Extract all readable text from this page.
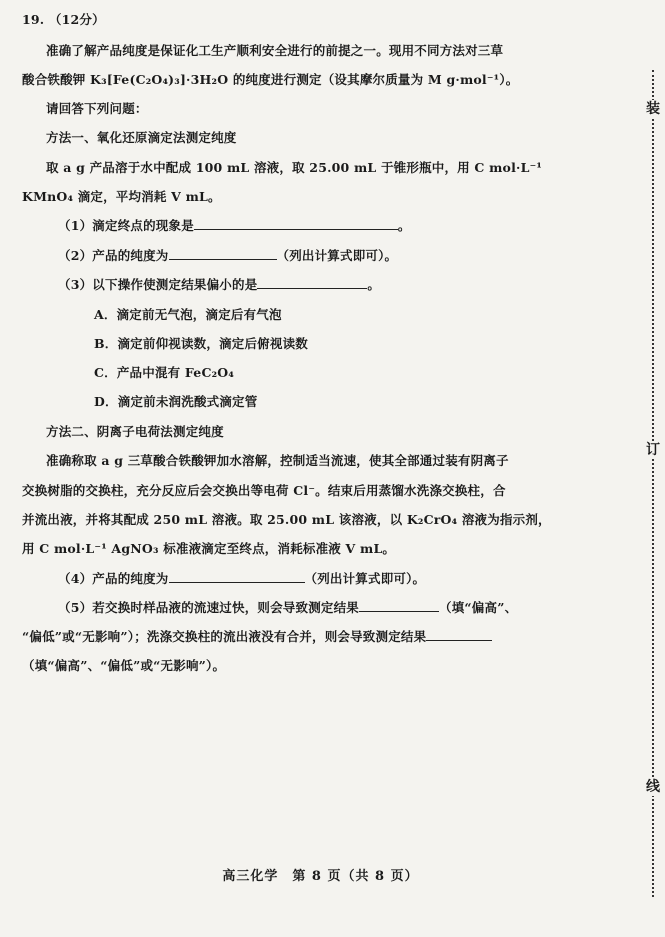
19. （12分）
准确了解产品纯度是保证化工生产顺利安全进行的前提之一。现用不同方法对三草
酸合铁酸钾 K₃[Fe(C₂O₄)₃]·3H₂O 的纯度进行测定（设其摩尔质量为 M g·mol⁻¹）。
请回答下列问题：
方法一、氧化还原滴定法测定纯度
取 a g 产品溶于水中配成 100 mL 溶液，取 25.00 mL 于锥形瓶中，用 C mol·L⁻¹
KMnO₄ 滴定，平均消耗 V mL。
（1）滴定终点的现象是	。
（2）产品的纯度为	（列出计算式即可）。
（3）以下操作使测定结果偏小的是	。
A．滴定前无气泡，滴定后有气泡
B．滴定前仰视读数，滴定后俯视读数
C．产品中混有 FeC₂O₄
D．滴定前未润洗酸式滴定管
方法二、阴离子电荷法测定纯度
准确称取 a g 三草酸合铁酸钾加水溶解，控制适当流速，使其全部通过装有阴离子
交换树脂的交换柱，充分反应后会交换出等电荷 Cl⁻。结束后用蒸馏水洗涤交换柱，合
并流出液，并将其配成 250 mL 溶液。取 25.00 mL 该溶液，以 K₂CrO₄ 溶液为指示剂，
用 C mol·L⁻¹ AgNO₃ 标准液滴定至终点，消耗标准液 V mL。
（4）产品的纯度为	（列出计算式即可）。
（5）若交换时样品液的流速过快，则会导致测定结果	（填“偏高”、
“偏低”或“无影响”）；洗涤交换柱的流出液没有合并，则会导致测定结果
（填“偏高”、“偏低”或“无影响”）。
装
订
线
高三化学　第 8 页（共 8 页）
